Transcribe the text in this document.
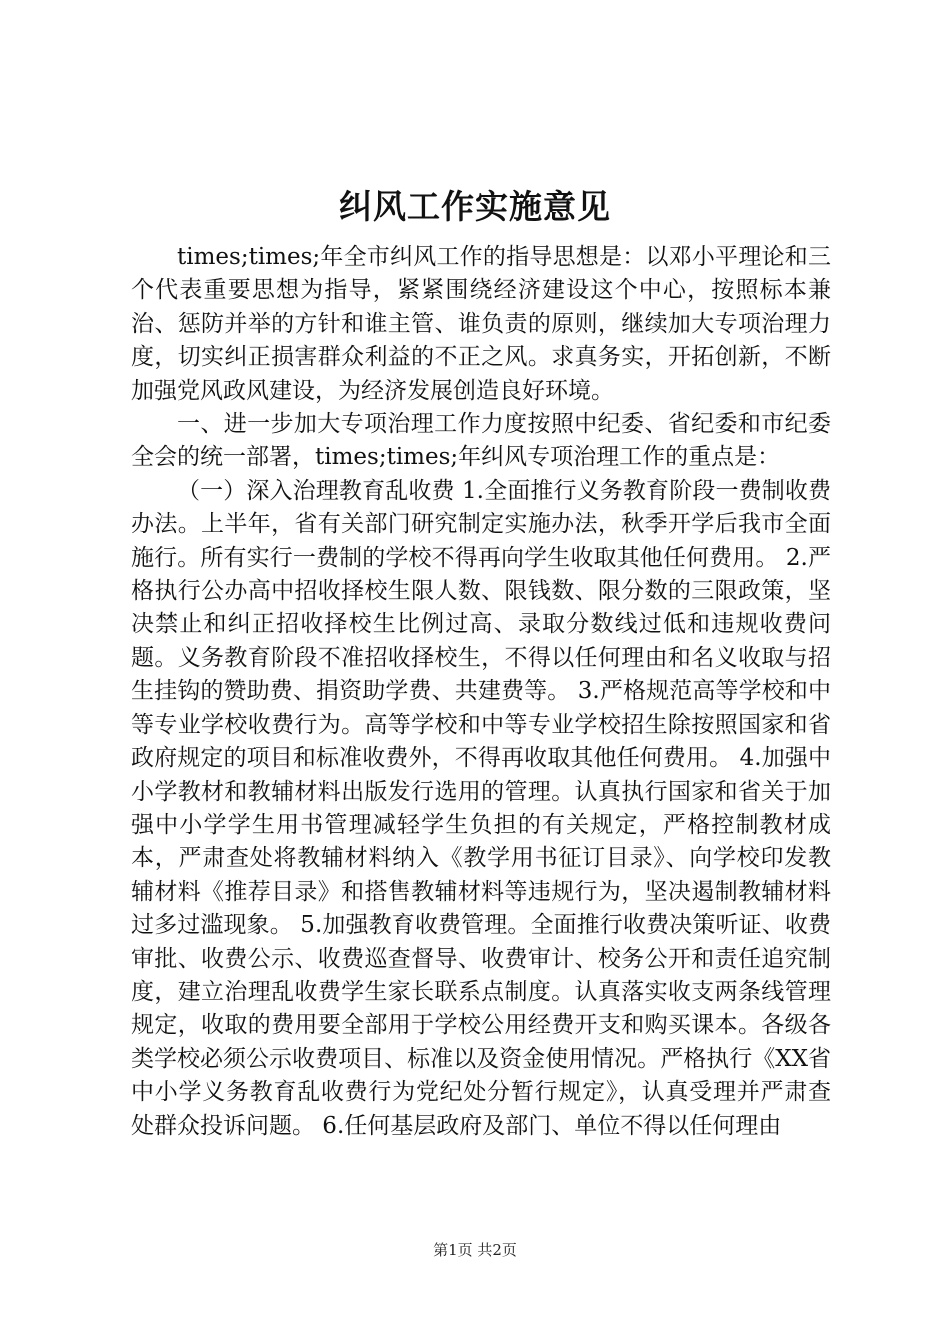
纠风工作实施意见

times;times;年全市纠风工作的指导思想是：以邓小平理论和三个代表重要思想为指导，紧紧围绕经济建设这个中心，按照标本兼治、惩防并举的方针和谁主管、谁负责的原则，继续加大专项治理力度，切实纠正损害群众利益的不正之风。求真务实，开拓创新，不断加强党风政风建设，为经济发展创造良好环境。

一、进一步加大专项治理工作力度按照中纪委、省纪委和市纪委全会的统一部署，times;times;年纠风专项治理工作的重点是：

（一）深入治理教育乱收费 1.全面推行义务教育阶段一费制收费办法。上半年，省有关部门研究制定实施办法，秋季开学后我市全面施行。所有实行一费制的学校不得再向学生收取其他任何费用。 2.严格执行公办高中招收择校生限人数、限钱数、限分数的三限政策，坚决禁止和纠正招收择校生比例过高、录取分数线过低和违规收费问题。义务教育阶段不准招收择校生，不得以任何理由和名义收取与招生挂钩的赞助费、捐资助学费、共建费等。 3.严格规范高等学校和中等专业学校收费行为。高等学校和中等专业学校招生除按照国家和省政府规定的项目和标准收费外，不得再收取其他任何费用。 4.加强中小学教材和教辅材料出版发行选用的管理。认真执行国家和省关于加强中小学学生用书管理减轻学生负担的有关规定，严格控制教材成本，严肃查处将教辅材料纳入《教学用书征订目录》、向学校印发教辅材料《推荐目录》和搭售教辅材料等违规行为，坚决遏制教辅材料过多过滥现象。 5.加强教育收费管理。全面推行收费决策听证、收费审批、收费公示、收费巡查督导、收费审计、校务公开和责任追究制度，建立治理乱收费学生家长联系点制度。认真落实收支两条线管理规定，收取的费用要全部用于学校公用经费开支和购买课本。各级各类学校必须公示收费项目、标准以及资金使用情况。严格执行《XX省中小学义务教育乱收费行为党纪处分暂行规定》，认真受理并严肃查处群众投诉问题。 6.任何基层政府及部门、单位不得以任何理由

第1页 共2页
